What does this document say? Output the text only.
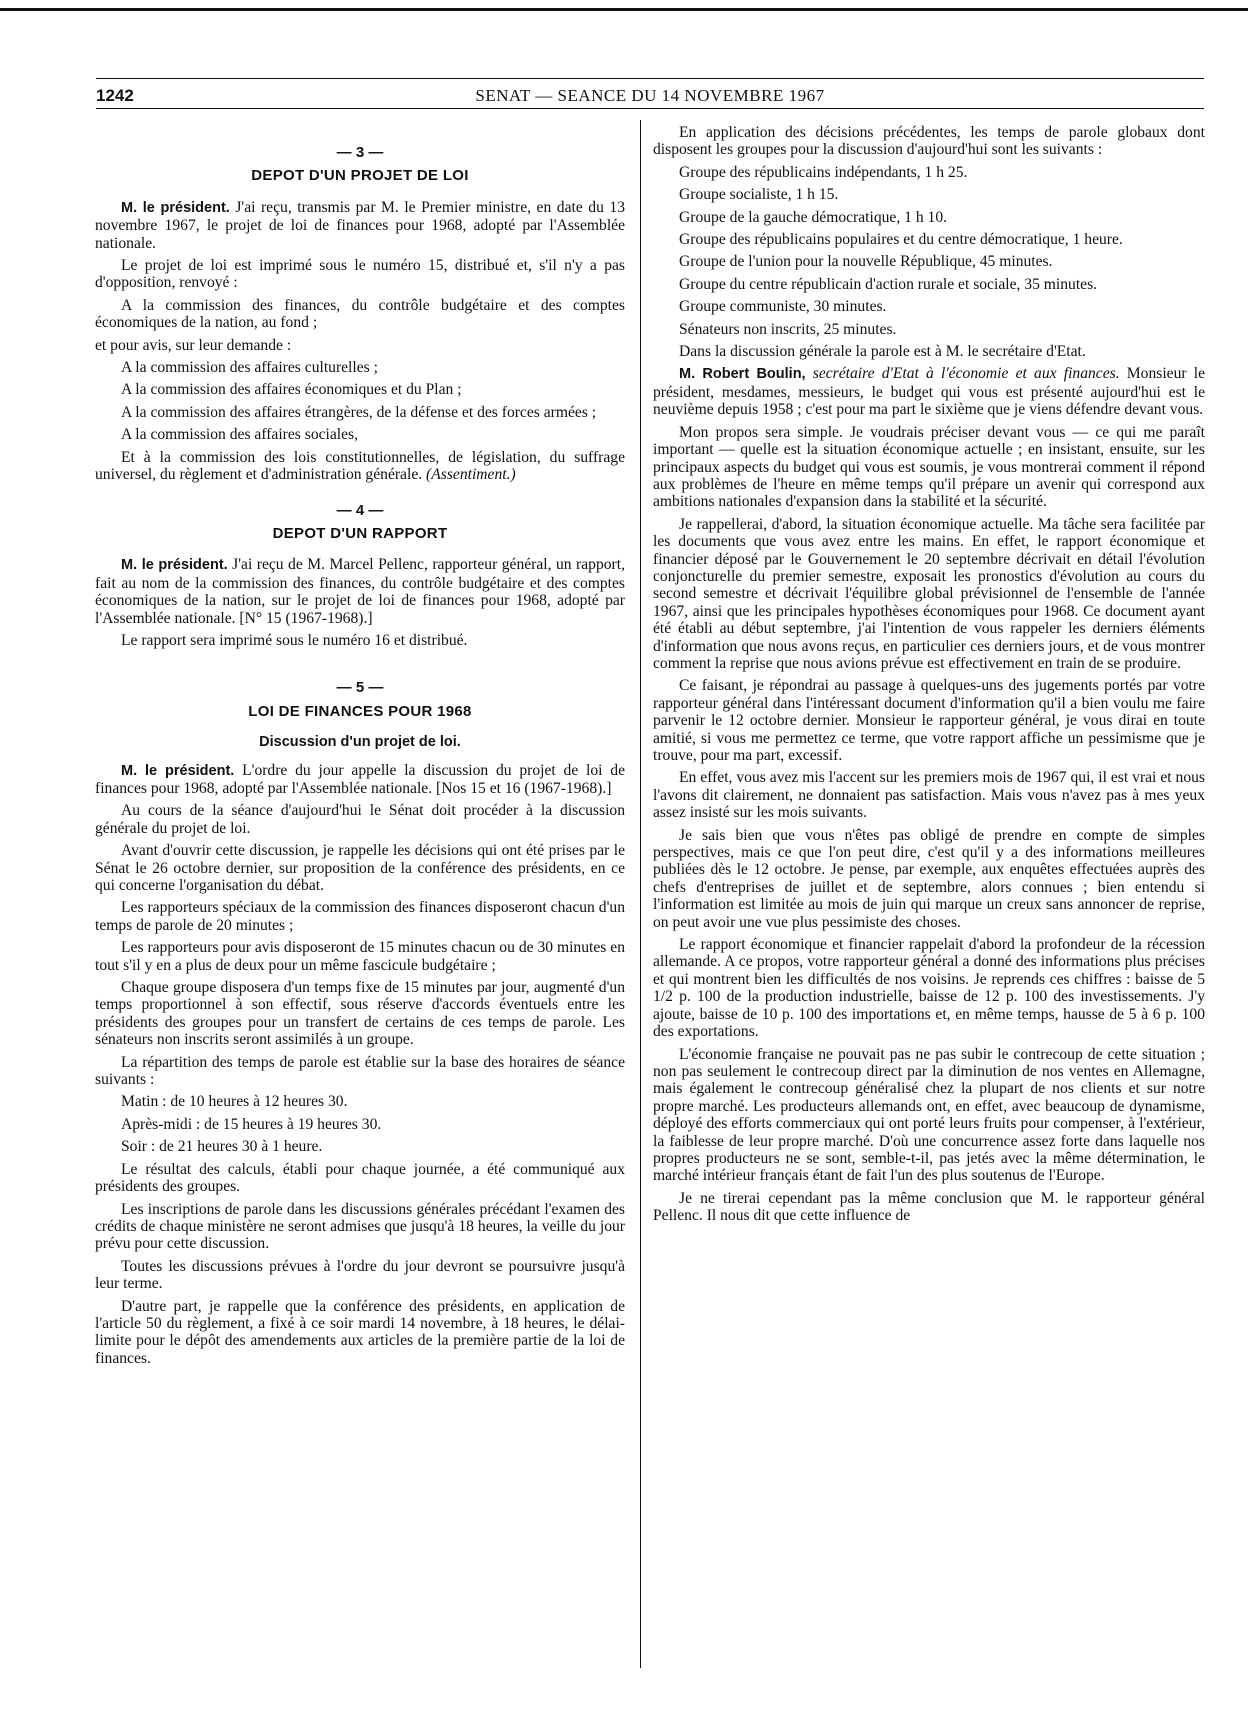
1242	SENAT — SEANCE DU 14 NOVEMBRE 1967
— 3 —
DEPOT D'UN PROJET DE LOI

M. le président. J'ai reçu, transmis par M. le Premier ministre, en date du 13 novembre 1967, le projet de loi de finances pour 1968, adopté par l'Assemblée nationale.

Le projet de loi est imprimé sous le numéro 15, distribué et, s'il n'y a pas d'opposition, renvoyé :

A la commission des finances, du contrôle budgétaire et des comptes économiques de la nation, au fond ;

et pour avis, sur leur demande :

A la commission des affaires culturelles ;

A la commission des affaires économiques et du Plan ;

A la commission des affaires étrangères, de la défense et des forces armées ;

A la commission des affaires sociales,

Et à la commission des lois constitutionnelles, de législation, du suffrage universel, du règlement et d'administration générale. (Assentiment.)

— 4 —
DEPOT D'UN RAPPORT

M. le président. J'ai reçu de M. Marcel Pellenc, rapporteur général, un rapport, fait au nom de la commission des finances, du contrôle budgétaire et des comptes économiques de la nation, sur le projet de loi de finances pour 1968, adopté par l'Assemblée nationale. [N° 15 (1967-1968).]

Le rapport sera imprimé sous le numéro 16 et distribué.

— 5 —
LOI DE FINANCES POUR 1968
Discussion d'un projet de loi.

M. le président. L'ordre du jour appelle la discussion du projet de loi de finances pour 1968, adopté par l'Assemblée nationale. [Nos 15 et 16 (1967-1968).]

Au cours de la séance d'aujourd'hui le Sénat doit procéder à la discussion générale du projet de loi.

Avant d'ouvrir cette discussion, je rappelle les décisions qui ont été prises par le Sénat le 26 octobre dernier, sur proposition de la conférence des présidents, en ce qui concerne l'organisation du débat.

Les rapporteurs spéciaux de la commission des finances disposeront chacun d'un temps de parole de 20 minutes ;

Les rapporteurs pour avis disposeront de 15 minutes chacun ou de 30 minutes en tout s'il y en a plus de deux pour un même fascicule budgétaire ;

Chaque groupe disposera d'un temps fixe de 15 minutes par jour, augmenté d'un temps proportionnel à son effectif, sous réserve d'accords éventuels entre les présidents des groupes pour un transfert de certains de ces temps de parole. Les sénateurs non inscrits seront assimilés à un groupe.

La répartition des temps de parole est établie sur la base des horaires de séance suivants :

Matin : de 10 heures à 12 heures 30.

Après-midi : de 15 heures à 19 heures 30.

Soir : de 21 heures 30 à 1 heure.

Le résultat des calculs, établi pour chaque journée, a été communiqué aux présidents des groupes.

Les inscriptions de parole dans les discussions générales précédant l'examen des crédits de chaque ministère ne seront admises que jusqu'à 18 heures, la veille du jour prévu pour cette discussion.

Toutes les discussions prévues à l'ordre du jour devront se poursuivre jusqu'à leur terme.

D'autre part, je rappelle que la conférence des présidents, en application de l'article 50 du règlement, a fixé à ce soir mardi 14 novembre, à 18 heures, le délai-limite pour le dépôt des amendements aux articles de la première partie de la loi de finances.

En application des décisions précédentes, les temps de parole globaux dont disposent les groupes pour la discussion d'aujourd'hui sont les suivants :

Groupe des républicains indépendants, 1 h 25.

Groupe socialiste, 1 h 15.

Groupe de la gauche démocratique, 1 h 10.

Groupe des républicains populaires et du centre démocratique, 1 heure.

Groupe de l'union pour la nouvelle République, 45 minutes.

Groupe du centre républicain d'action rurale et sociale, 35 minutes.

Groupe communiste, 30 minutes.

Sénateurs non inscrits, 25 minutes.

Dans la discussion générale la parole est à M. le secrétaire d'Etat.

M. Robert Boulin, secrétaire d'Etat à l'économie et aux finances. Monsieur le président, mesdames, messieurs, le budget qui vous est présenté aujourd'hui est le neuvième depuis 1958 ; c'est pour ma part le sixième que je viens défendre devant vous.

Mon propos sera simple. Je voudrais préciser devant vous — ce qui me paraît important — quelle est la situation économique actuelle ; en insistant, ensuite, sur les principaux aspects du budget qui vous est soumis, je vous montrerai comment il répond aux problèmes de l'heure en même temps qu'il prépare un avenir qui correspond aux ambitions nationales d'expansion dans la stabilité et la sécurité.

Je rappellerai, d'abord, la situation économique actuelle. Ma tâche sera facilitée par les documents que vous avez entre les mains. En effet, le rapport économique et financier déposé par le Gouvernement le 20 septembre décrivait en détail l'évolution conjoncturelle du premier semestre, exposait les pronostics d'évolution au cours du second semestre et décrivait l'équilibre global prévisionnel de l'ensemble de l'année 1967, ainsi que les principales hypothèses économiques pour 1968. Ce document ayant été établi au début septembre, j'ai l'intention de vous rappeler les derniers éléments d'information que nous avons reçus, en particulier ces derniers jours, et de vous montrer comment la reprise que nous avions prévue est effectivement en train de se produire.

Ce faisant, je répondrai au passage à quelques-uns des jugements portés par votre rapporteur général dans l'intéressant document d'information qu'il a bien voulu me faire parvenir le 12 octobre dernier. Monsieur le rapporteur général, je vous dirai en toute amitié, si vous me permettez ce terme, que votre rapport affiche un pessimisme que je trouve, pour ma part, excessif.

En effet, vous avez mis l'accent sur les premiers mois de 1967 qui, il est vrai et nous l'avons dit clairement, ne donnaient pas satisfaction. Mais vous n'avez pas à mes yeux assez insisté sur les mois suivants.

Je sais bien que vous n'êtes pas obligé de prendre en compte de simples perspectives, mais ce que l'on peut dire, c'est qu'il y a des informations meilleures publiées dès le 12 octobre. Je pense, par exemple, aux enquêtes effectuées auprès des chefs d'entreprises de juillet et de septembre, alors connues ; bien entendu si l'information est limitée au mois de juin qui marque un creux sans annoncer de reprise, on peut avoir une vue plus pessimiste des choses.

Le rapport économique et financier rappelait d'abord la profondeur de la récession allemande. A ce propos, votre rapporteur général a donné des informations plus précises et qui montrent bien les difficultés de nos voisins. Je reprends ces chiffres : baisse de 5 1/2 p. 100 de la production industrielle, baisse de 12 p. 100 des investissements. J'y ajoute, baisse de 10 p. 100 des importations et, en même temps, hausse de 5 à 6 p. 100 des exportations.

L'économie française ne pouvait pas ne pas subir le contrecoup de cette situation ; non pas seulement le contrecoup direct par la diminution de nos ventes en Allemagne, mais également le contrecoup généralisé chez la plupart de nos clients et sur notre propre marché. Les producteurs allemands ont, en effet, avec beaucoup de dynamisme, déployé des efforts commerciaux qui ont porté leurs fruits pour compenser, à l'extérieur, la faiblesse de leur propre marché. D'où une concurrence assez forte dans laquelle nos propres producteurs ne se sont, semble-t-il, pas jetés avec la même détermination, le marché intérieur français étant de fait l'un des plus soutenus de l'Europe.

Je ne tirerai cependant pas la même conclusion que M. le rapporteur général Pellenc. Il nous dit que cette influence de
